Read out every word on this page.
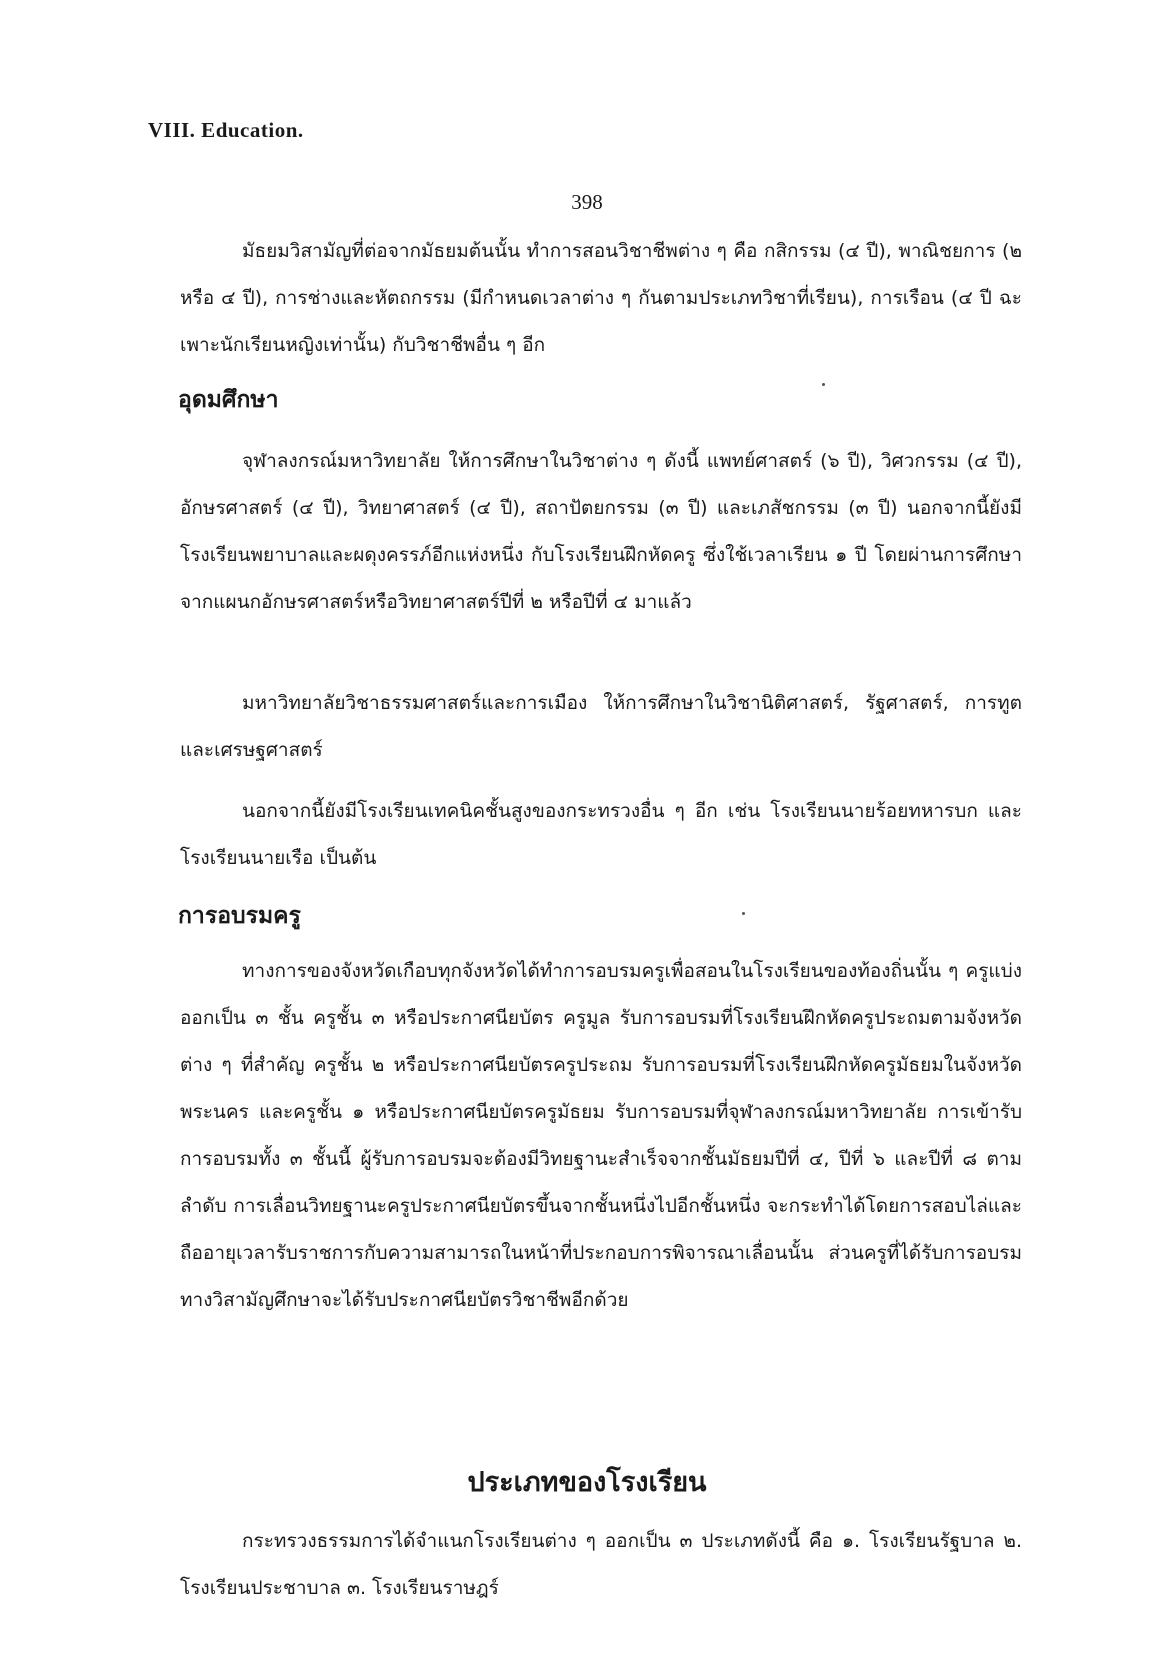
VIII. Education.
398

มัธยมวิสามัญที่ต่อจากมัธยมต้นนั้น ทำการสอนวิชาชีพต่าง ๆ คือ กสิกรรม (๔ ปี), พาณิชยการ (๒ หรือ ๔ ปี), การช่างและหัตถกรรม (มีกำหนดเวลาต่าง ๆ กันตามประเภทวิชาที่เรียน), การเรือน (๔ ปี ฉะเพาะนักเรียนหญิงเท่านั้น) กับวิชาชีพอื่น ๆ อีก

อุดมศึกษา

จุฬาลงกรณ์มหาวิทยาลัย ให้การศึกษาในวิชาต่าง ๆ ดังนี้ แพทย์ศาสตร์ (๖ ปี), วิศวกรรม (๔ ปี), อักษรศาสตร์ (๔ ปี), วิทยาศาสตร์ (๔ ปี), สถาปัตยกรรม (๓ ปี) และเภสัชกรรม (๓ ปี) นอกจากนี้ยังมีโรงเรียนพยาบาลและผดุงครรภ์อีกแห่งหนึ่ง กับโรงเรียนฝึกหัดครู ซึ่งใช้เวลาเรียน ๑ ปี โดยผ่านการศึกษาจากแผนกอักษรศาสตร์หรือวิทยาศาสตร์ปีที่ ๒ หรือปีที่ ๔ มาแล้ว

มหาวิทยาลัยวิชาธรรมศาสตร์และการเมือง ให้การศึกษาในวิชานิติศาสตร์, รัฐศาสตร์, การทูตและเศรษฐศาสตร์

นอกจากนี้ยังมีโรงเรียนเทคนิคชั้นสูงของกระทรวงอื่น ๆ อีก เช่น โรงเรียนนายร้อยทหารบก และโรงเรียนนายเรือ เป็นต้น

การอบรมครู

ทางการของจังหวัดเกือบทุกจังหวัดได้ทำการอบรมครูเพื่อสอนในโรงเรียนของท้องถิ่นนั้น ๆ ครูแบ่งออกเป็น ๓ ชั้น ครูชั้น ๓ หรือประกาศนียบัตร ครูมูล รับการอบรมที่โรงเรียนฝึกหัดครูประถมตามจังหวัดต่าง ๆ ที่สำคัญ ครูชั้น ๒ หรือประกาศนียบัตรครูประถม รับการอบรมที่โรงเรียนฝึกหัดครูมัธยมในจังหวัดพระนคร และครูชั้น ๑ หรือประกาศนียบัตรครูมัธยม รับการอบรมที่จุฬาลงกรณ์มหาวิทยาลัย การเข้ารับการอบรมทั้ง ๓ ชั้นนี้ ผู้รับการอบรมจะต้องมีวิทยฐานะสำเร็จจากชั้นมัธยมปีที่ ๔, ปีที่ ๖ และปีที่ ๘ ตามลำดับ การเลื่อนวิทยฐานะครูประกาศนียบัตรขึ้นจากชั้นหนึ่งไปอีกชั้นหนึ่ง จะกระทำได้โดยการสอบไล่และถืออายุเวลารับราชการกับความสามารถในหน้าที่ประกอบการพิจารณาเลื่อนนั้น ส่วนครูที่ได้รับการอบรมทางวิสามัญศึกษาจะได้รับประกาศนียบัตรวิชาชีพอีกด้วย

ประเภทของโรงเรียน

กระทรวงธรรมการได้จำแนกโรงเรียนต่าง ๆ ออกเป็น ๓ ประเภทดังนี้ คือ ๑. โรงเรียนรัฐบาล ๒. โรงเรียนประชาบาล ๓. โรงเรียนราษฎร์
